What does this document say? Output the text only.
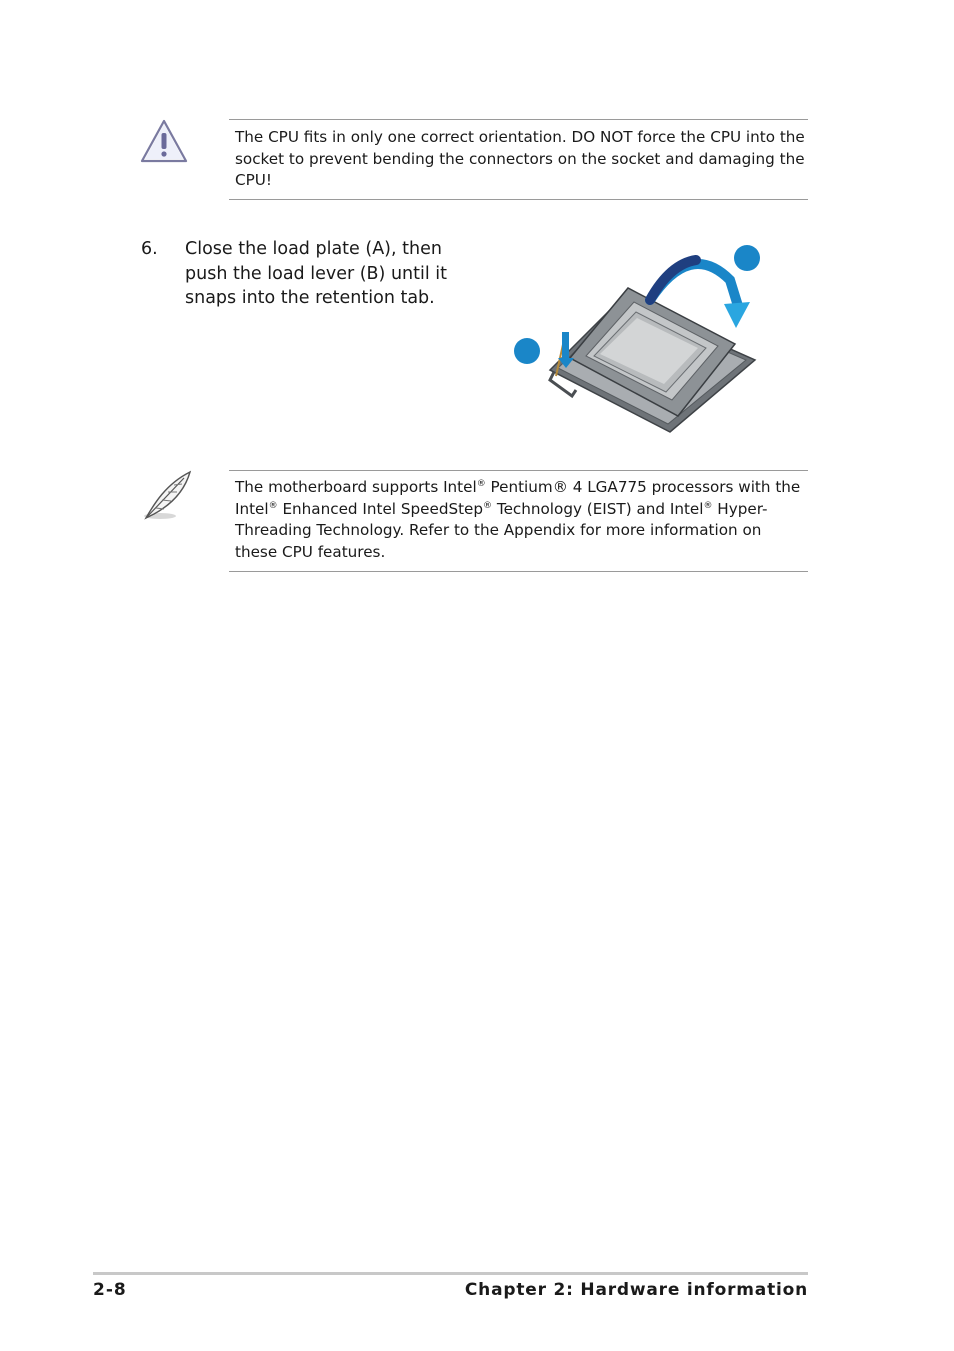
The CPU fits in only one correct orientation. DO NOT force the CPU into the socket to prevent bending the connectors on the socket and damaging the CPU!
6. Close the load plate (A), then push the load lever (B) until it snaps into the retention tab.
The motherboard supports Intel® Pentium® 4 LGA775 processors with the Intel® Enhanced Intel SpeedStep® Technology (EIST) and Intel® Hyper-Threading Technology. Refer to the Appendix for more information on these CPU features.
2-8	Chapter 2: Hardware information
